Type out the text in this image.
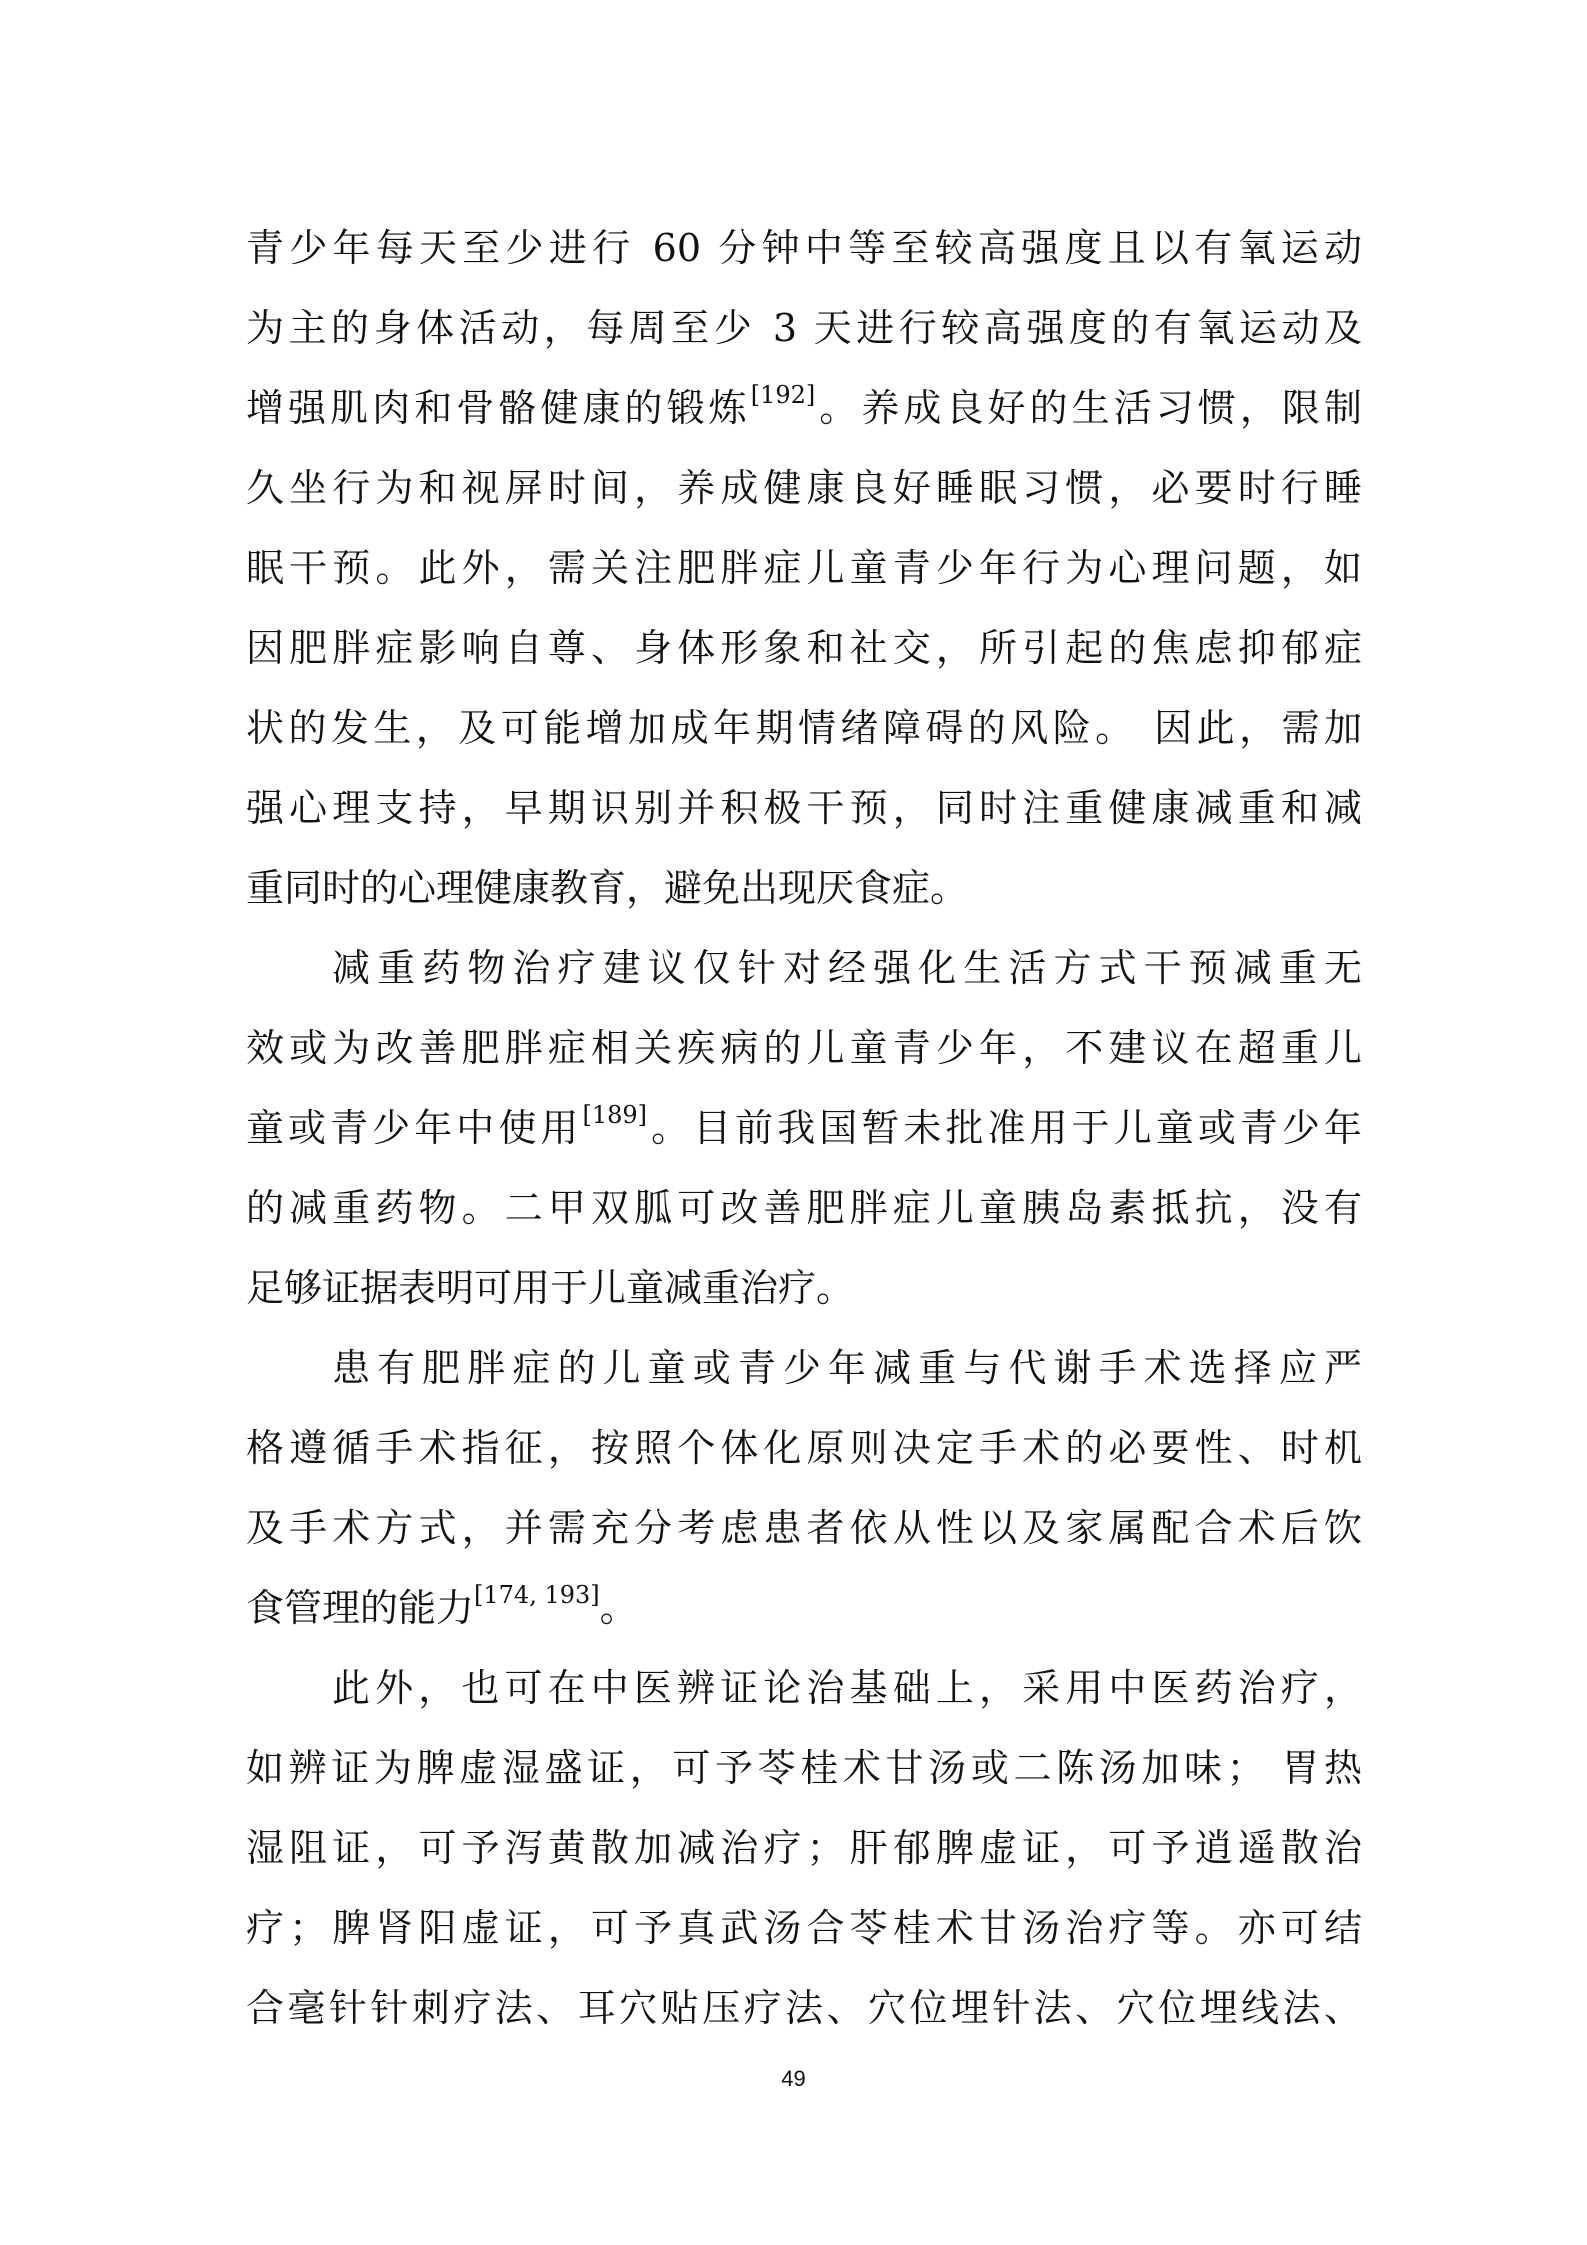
青少年每天至少进行 60 分钟中等至较高强度且以有氧运动
为主的身体活动，每周至少 3 天进行较高强度的有氧运动及
增强肌肉和骨骼健康的锻炼[192]。养成良好的生活习惯，限制
久坐行为和视屏时间，养成健康良好睡眠习惯，必要时行睡
眠干预。此外，需关注肥胖症儿童青少年行为心理问题，如
因肥胖症影响自尊、身体形象和社交，所引起的焦虑抑郁症
状的发生，及可能增加成年期情绪障碍的风险。 因此，需加
强心理支持，早期识别并积极干预，同时注重健康减重和减
重同时的心理健康教育，避免出现厌食症。
减重药物治疗建议仅针对经强化生活方式干预减重无
效或为改善肥胖症相关疾病的儿童青少年，不建议在超重儿
童或青少年中使用[189]。目前我国暂未批准用于儿童或青少年
的减重药物。二甲双胍可改善肥胖症儿童胰岛素抵抗，没有
足够证据表明可用于儿童减重治疗。
患有肥胖症的儿童或青少年减重与代谢手术选择应严
格遵循手术指征，按照个体化原则决定手术的必要性、时机
及手术方式，并需充分考虑患者依从性以及家属配合术后饮
食管理的能力[174, 193]。
此外，也可在中医辨证论治基础上，采用中医药治疗，
如辨证为脾虚湿盛证，可予苓桂术甘汤或二陈汤加味； 胃热
湿阻证，可予泻黄散加减治疗；肝郁脾虚证，可予逍遥散治
疗；脾肾阳虚证，可予真武汤合苓桂术甘汤治疗等。亦可结
合毫针针刺疗法、耳穴贴压疗法、穴位埋针法、穴位埋线法、
49
